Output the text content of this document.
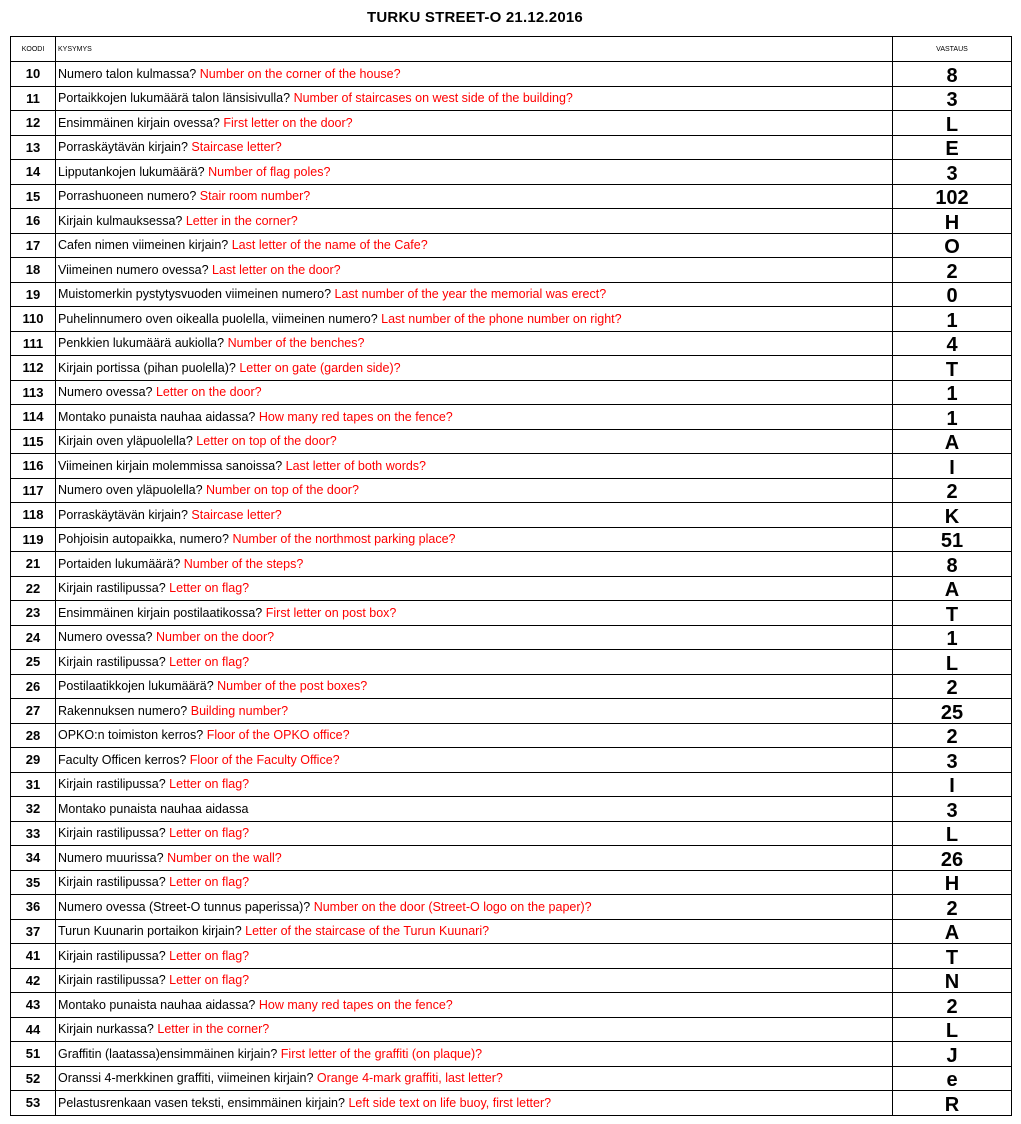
TURKU STREET-O 21.12.2016
KOODI	KYSYMYS	VASTAUS
10	Numero talon kulmassa? Number on the corner of the house?	8
11	Portaikkojen lukumäärä talon länsisivulla? Number of staircases on west side of the building?	3
12	Ensimmäinen kirjain ovessa? First letter on the door?	L
13	Porraskäytävän kirjain? Staircase letter?	E
14	Lipputankojen lukumäärä? Number of flag poles?	3
15	Porrashuoneen numero? Stair room number?	102
16	Kirjain kulmauksessa? Letter in the corner?	H
17	Cafen nimen viimeinen kirjain? Last letter of the name of the Cafe?	O
18	Viimeinen numero ovessa? Last letter on the door?	2
19	Muistomerkin pystytysvuoden viimeinen numero? Last number of the year the memorial was erect?	0
110	Puhelinnumero oven oikealla puolella, viimeinen numero? Last number of the phone number on right?	1
111	Penkkien lukumäärä aukiolla? Number of the benches?	4
112	Kirjain portissa (pihan puolella)? Letter on gate (garden side)?	T
113	Numero ovessa? Letter on the door?	1
114	Montako punaista nauhaa aidassa? How many red tapes on the fence?	1
115	Kirjain oven yläpuolella? Letter on top of the door?	A
116	Viimeinen kirjain molemmissa sanoissa? Last letter of both words?	I
117	Numero oven yläpuolella? Number on top of the door?	2
118	Porraskäytävän kirjain? Staircase letter?	K
119	Pohjoisin autopaikka, numero? Number of the northmost parking place?	51
21	Portaiden lukumäärä? Number of the steps?	8
22	Kirjain rastilipussa? Letter on flag?	A
23	Ensimmäinen kirjain postilaatikossa? First letter on post box?	T
24	Numero ovessa? Number on the door?	1
25	Kirjain rastilipussa? Letter on flag?	L
26	Postilaatikkojen lukumäärä? Number of the post boxes?	2
27	Rakennuksen numero? Building number?	25
28	OPKO:n toimiston kerros? Floor of the OPKO office?	2
29	Faculty Officen kerros? Floor of the Faculty Office?	3
31	Kirjain rastilipussa? Letter on flag?	I
32	Montako punaista nauhaa aidassa	3
33	Kirjain rastilipussa? Letter on flag?	L
34	Numero muurissa? Number on the wall?	26
35	Kirjain rastilipussa? Letter on flag?	H
36	Numero ovessa (Street-O tunnus paperissa)? Number on the door (Street-O logo on the paper)?	2
37	Turun Kuunarin portaikon kirjain? Letter of the staircase of the Turun Kuunari?	A
41	Kirjain rastilipussa? Letter on flag?	T
42	Kirjain rastilipussa? Letter on flag?	N
43	Montako punaista nauhaa aidassa? How many red tapes on the fence?	2
44	Kirjain nurkassa? Letter in the corner?	L
51	Graffitin (laatassa)ensimmäinen kirjain? First letter of the graffiti (on plaque)?	J
52	Oranssi 4-merkkinen graffiti, viimeinen kirjain? Orange 4-mark graffiti, last letter?	e
53	Pelastusrenkaan vasen teksti, ensimmäinen kirjain? Left side text on life buoy, first letter?	R
